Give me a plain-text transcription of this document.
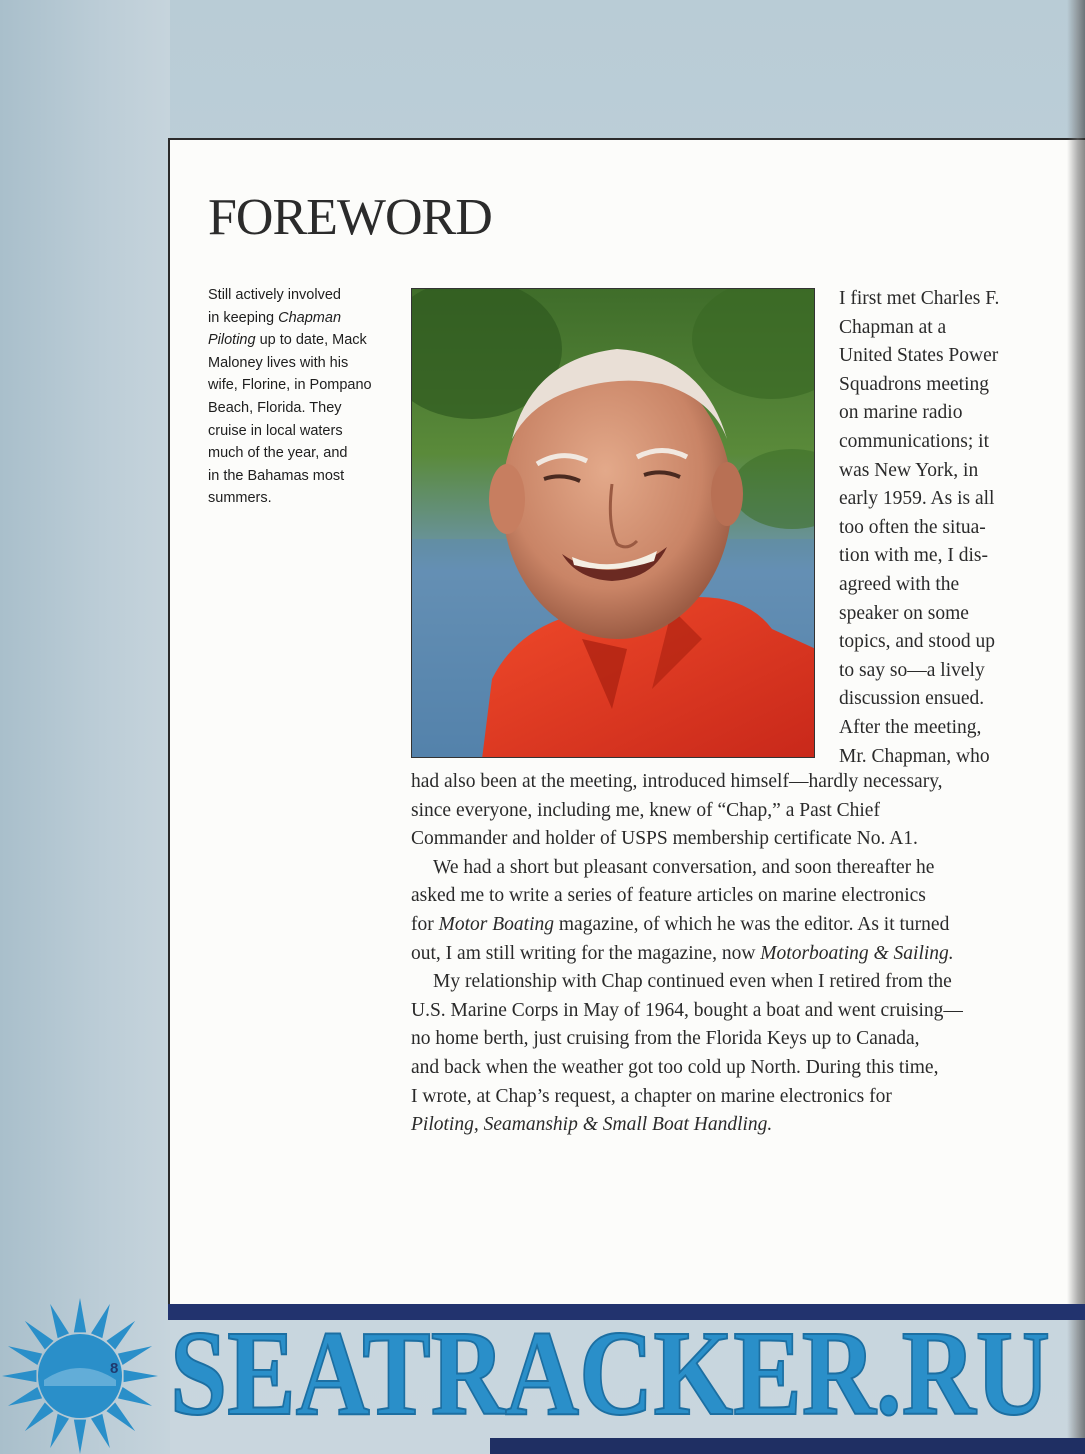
FOREWORD

Still actively involved
in keeping Chapman
Piloting up to date, Mack
Maloney lives with his
wife, Florine, in Pompano
Beach, Florida. They
cruise in local waters
much of the year, and
in the Bahamas most
summers.

I first met Charles F.
Chapman at a
United States Power
Squadrons meeting
on marine radio
communications; it
was New York, in
early 1959. As is all
too often the situa-
tion with me, I dis-
agreed with the
speaker on some
topics, and stood up
to say so—a lively
discussion ensued.
After the meeting,
Mr. Chapman, who

had also been at the meeting, introduced himself—hardly necessary,
since everyone, including me, knew of “Chap,” a Past Chief
Commander and holder of USPS membership certificate No. A1.
We had a short but pleasant conversation, and soon thereafter he
asked me to write a series of feature articles on marine electronics
for Motor Boating magazine, of which he was the editor. As it turned
out, I am still writing for the magazine, now Motorboating & Sailing.
My relationship with Chap continued even when I retired from the
U.S. Marine Corps in May of 1964, bought a boat and went cruising—
no home berth, just cruising from the Florida Keys up to Canada,
and back when the weather got too cold up North. During this time,
I wrote, at Chap’s request, a chapter on marine electronics for
Piloting, Seamanship & Small Boat Handling.
8 SEATRACKER.RU
